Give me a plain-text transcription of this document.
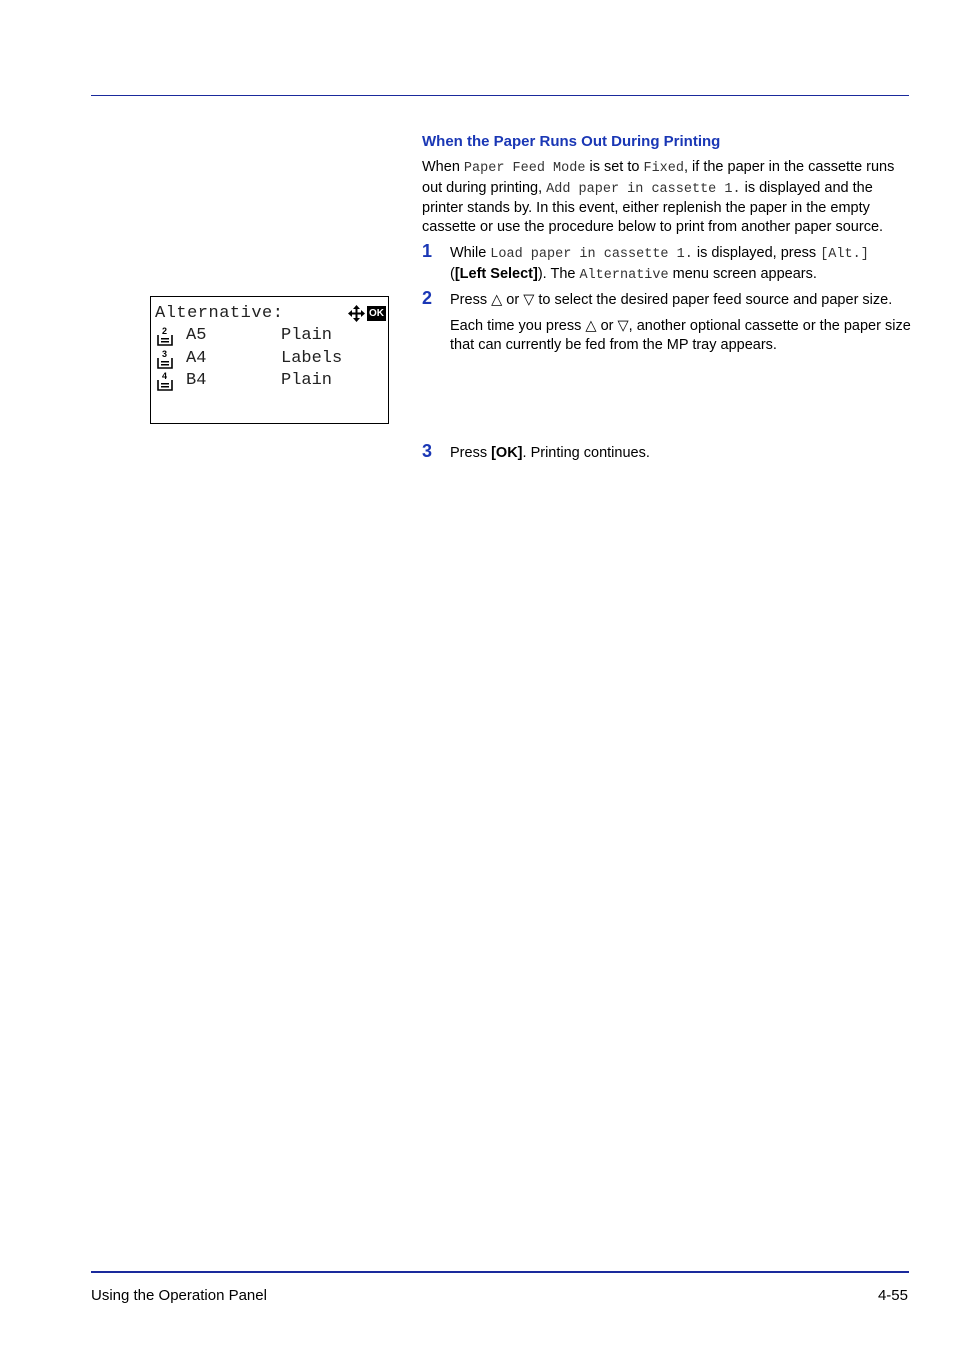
When the Paper Runs Out During Printing
When Paper Feed Mode is set to Fixed, if the paper in the cassette runs out during printing, Add paper in cassette 1. is displayed and the printer stands by. In this event, either replenish the paper in the empty cassette or use the procedure below to print from another paper source.
1 While Load paper in cassette 1. is displayed, press [Alt.]
([Left Select]). The Alternative menu screen appears.
2 Press △ or ▽ to select the desired paper feed source and paper size.
Each time you press △ or ▽, another optional cassette or the paper size that can currently be fed from the MP tray appears.
3 Press [OK]. Printing continues.
Alternative:	OK
2 A5	Plain
3 A4	Labels
4 B4	Plain
Using the Operation Panel	4-55
